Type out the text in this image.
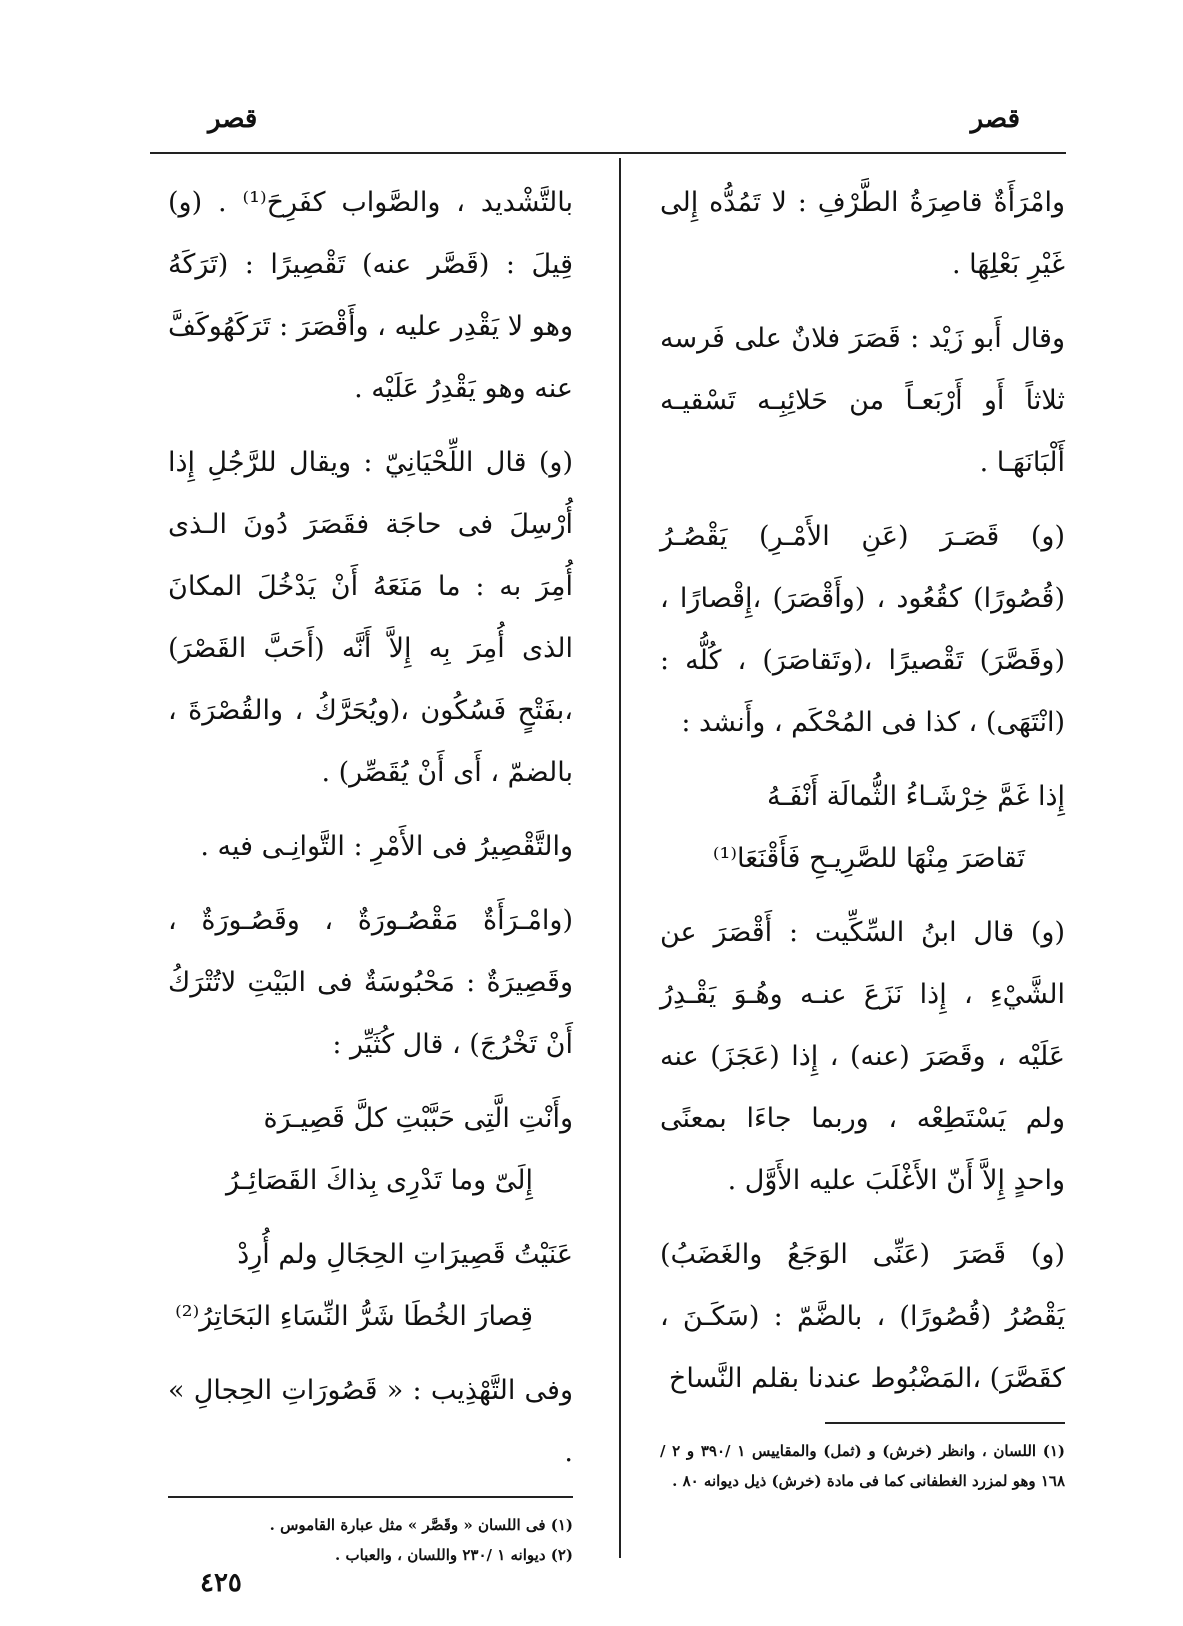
قصر
قصر

وامْرَأَةٌ قاصِرَةُ الطَّرْفِ : لا تَمُدُّه إِلى غَيْرِ بَعْلِهَا .

وقال أَبو زَيْد : قَصَرَ فلانٌ على فَرسه ثلاثاً أَو أَرْبَعـاً من حَلائِبِـه تَسْقيـه أَلْبَانَهَـا .

(و) قَصَـرَ (عَنِ الأَمْـرِ) يَقْصُـرُ (قُصُورًا) كقُعُود ، (وأَقْصَرَ) ،إِقْصارًا ، (وقَصَّرَ) تَقْصيرًا ،(وتَقاصَرَ) ، كُلُّه : (انْتَهَى) ، كذا فى المُحْكَم ، وأَنشد :

إِذا غَمَّ خِرْشَـاءُ الثُّمالَة أَنْفَـهُ
تَقاصَرَ مِنْهَا للصَّرِيـحِ فَأَقْنَعَا⁽¹⁾

(و) قال ابنُ السِّكِّيت : أَقْصَرَ عن الشَّيْءِ ، إِذا نَزَعَ عنـه وهُـوَ يَقْـدِرُ عَلَيْه ، وقَصَرَ (عنه) ، إِذا (عَجَزَ) عنه ولم يَسْتَطِعْه ، وربما جاءَا بمعنًى واحدٍ إِلاَّ أَنّ الأَغْلَبَ عليه الأَوَّل .

(و) قَصَرَ (عَنِّى الوَجَعُ والغَضَبُ) يَقْصُرُ (قُصُورًا) ، بالضَّمّ : (سَكَـنَ ، كقَصَّرَ) ،المَضْبُوط عندنا بقلم النَّساخ

(١) اللسان ، وانظر (خرش) و (ثمل) والمقاييس ١ /٣٩٠ و ٢ /١٦٨ وهو لمزرد الغطفانى كما فى مادة (خرش) ذيل ديوانه ٨٠ .

بالتَّشْديد ، والصَّواب كفَرِحَ⁽¹⁾ . (و) قِيلَ : (قَصَّر عنه) تَقْصِيرًا : (تَرَكَهُ وهو لا يَقْدِر عليه ، وأَقْصَرَ : تَرَكَهُوكَفَّ عنه وهو يَقْدِرُ عَلَيْه .

(و) قال اللِّحْيَانِيّ : ويقال للرَّجُلِ إِذا أُرْسِلَ فى حاجَة فقَصَرَ دُونَ الـذى أُمِرَ به : ما مَنَعَهُ أَنْ يَدْخُلَ المكانَ الذى أُمِرَ بِه إِلاَّ أَنَّه (أَحَبَّ القَصْرَ) ،بفَتْحٍ فَسُكُون ،(ويُحَرَّكُ ، والقُصْرَةَ ، بالضمّ ، أَى أَنْ يُقَصِّر) .

والتَّقْصِيرُ فى الأَمْرِ : التَّوانِـى فيه .

(وامْـرَأَةٌ مَقْصُـورَةٌ ، وقَصُـورَةٌ ، وقَصِيرَةٌ : مَحْبُوسَةٌ فى البَيْتِ لاتُتْرَكُ أَنْ تَخْرُجَ) ، قال كُثَيِّر :

وأَنْتِ الَّتِى حَبَّبْتِ كلَّ قَصِيـرَة
إِلَىّ وما تَدْرِى بِذاكَ القَصَائِـرُ
عَنَيْتُ قَصِيرَاتِ الحِجَالِ ولم أُرِدْ
قِصارَ الخُطَا شَرُّ النِّسَاءِ البَحَاتِرُ⁽²⁾

وفى التَّهْذِيب : « قَصُورَاتِ الحِجالِ » .

(١) فى اللسان « وقَصَّر » مثل عبارة القاموس .
(٢) ديوانه ١ /٢٣٠ واللسان ، والعباب .
٤٢٥
